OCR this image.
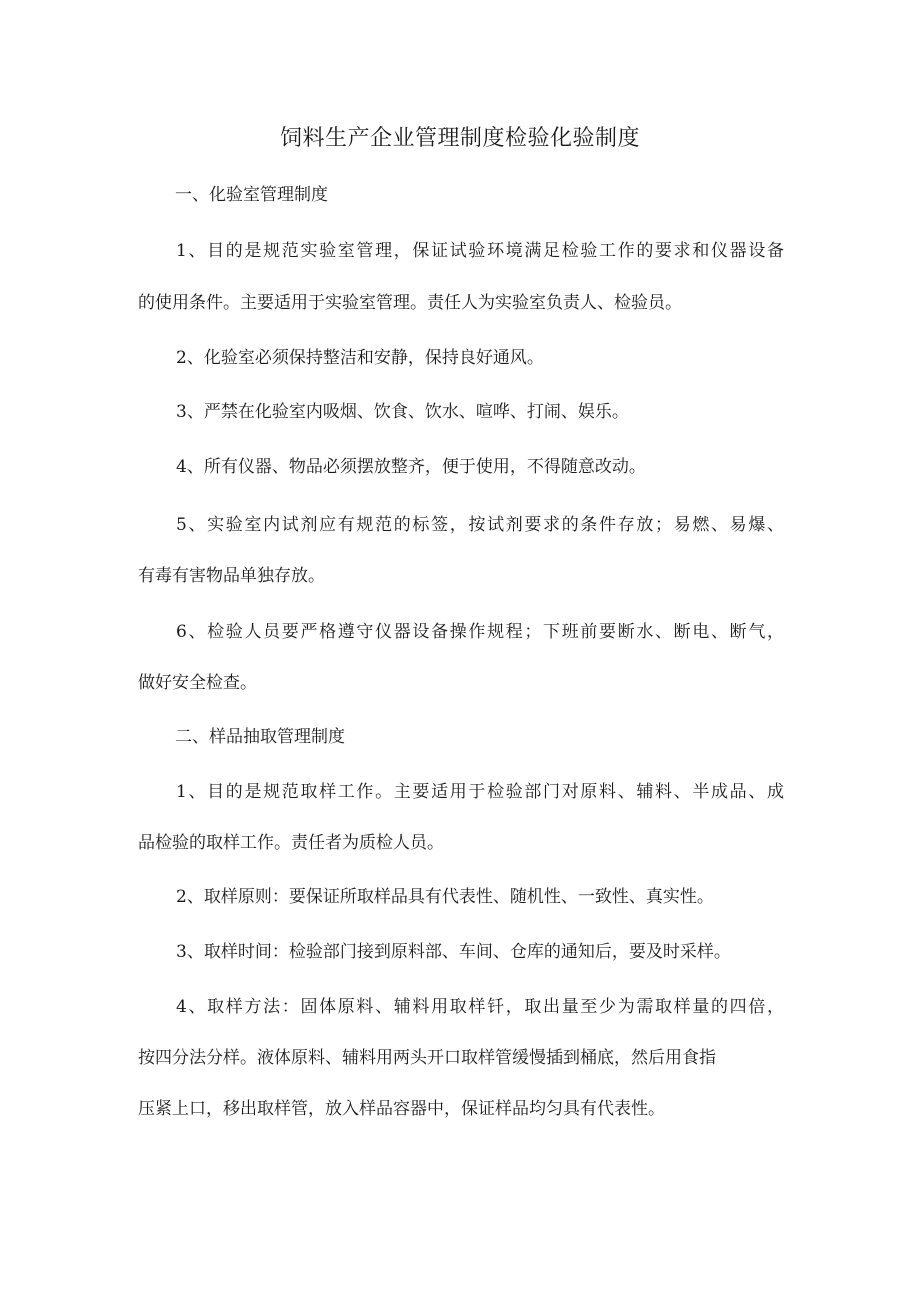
饲料生产企业管理制度检验化验制度
一、化验室管理制度
1、目的是规范实验室管理，保证试验环境满足检验工作的要求和仪器设备
的使用条件。主要适用于实验室管理。责任人为实验室负责人、检验员。
2、化验室必须保持整洁和安静，保持良好通风。
3、严禁在化验室内吸烟、饮食、饮水、喧哗、打闹、娱乐。
4、所有仪器、物品必须摆放整齐，便于使用，不得随意改动。
5、实验室内试剂应有规范的标签，按试剂要求的条件存放；易燃、易爆、
有毒有害物品单独存放。
6、检验人员要严格遵守仪器设备操作规程；下班前要断水、断电、断气，
做好安全检查。
二、样品抽取管理制度
1、目的是规范取样工作。主要适用于检验部门对原料、辅料、半成品、成
品检验的取样工作。责任者为质检人员。
2、取样原则：要保证所取样品具有代表性、随机性、一致性、真实性。
3、取样时间：检验部门接到原料部、车间、仓库的通知后，要及时采样。
4、取样方法：固体原料、辅料用取样钎，取出量至少为需取样量的四倍，
按四分法分样。液体原料、辅料用两头开口取样管缓慢插到桶底，然后用食指
压紧上口，移出取样管，放入样品容器中，保证样品均匀具有代表性。
